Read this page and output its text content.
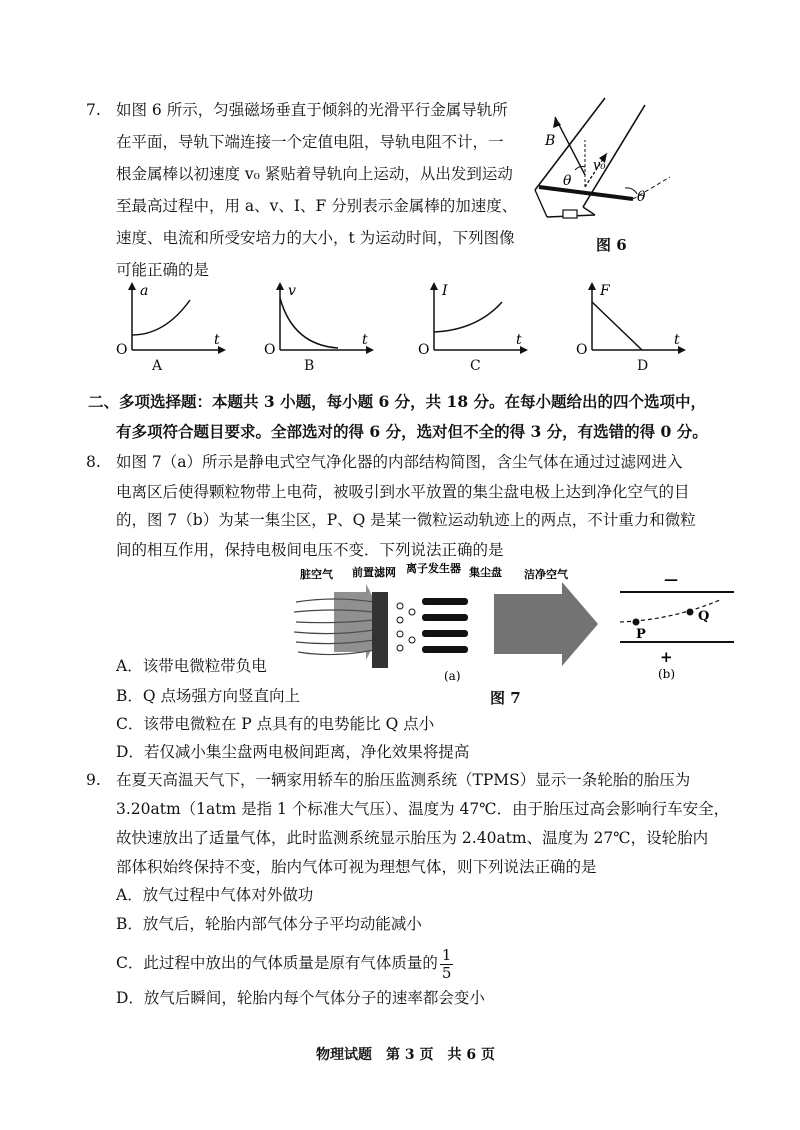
7. 如图 6 所示，匀强磁场垂直于倾斜的光滑平行金属导轨所
在平面，导轨下端连接一个定值电阻，导轨电阻不计，一
根金属棒以初速度 v₀ 紧贴着导轨向上运动，从出发到运动
至最高过程中，用 a、v、I、F 分别表示金属棒的加速度、
速度、电流和所受安培力的大小，t 为运动时间，下列图像
可能正确的是
B
v₀
θ
θ
图 6
a
t
O
A
v
t
O
B
I
t
O
C
F
t
O
D
二、多项选择题：本题共 3 小题，每小题 6 分，共 18 分。在每小题给出的四个选项中，
有多项符合题目要求。全部选对的得 6 分，选对但不全的得 3 分，有选错的得 0 分。
8. 如图 7（a）所示是静电式空气净化器的内部结构简图，含尘气体在通过过滤网进入
电离区后使得颗粒物带上电荷，被吸引到水平放置的集尘盘电极上达到净化空气的目
的，图 7（b）为某一集尘区，P、Q 是某一微粒运动轨迹上的两点，不计重力和微粒
间的相互作用，保持电极间电压不变．下列说法正确的是
脏空气 前置滤网 离子发生器 集尘盘 洁净空气
(a)
—
P
Q
+
(b)
图 7
A．该带电微粒带负电
B．Q 点场强方向竖直向上
C．该带电微粒在 P 点具有的电势能比 Q 点小
D．若仅减小集尘盘两电极间距离，净化效果将提高
9. 在夏天高温天气下，一辆家用轿车的胎压监测系统（TPMS）显示一条轮胎的胎压为
3.20atm（1atm 是指 1 个标准大气压）、温度为 47℃．由于胎压过高会影响行车安全，
故快速放出了适量气体，此时监测系统显示胎压为 2.40atm、温度为 27℃，设轮胎内
部体积始终保持不变，胎内气体可视为理想气体，则下列说法正确的是
A．放气过程中气体对外做功
B．放气后，轮胎内部气体分子平均动能减小
C．此过程中放出的气体质量是原有气体质量的 $\frac{1}{5}$
D．放气后瞬间，轮胎内每个气体分子的速率都会变小
物理试题　第 3 页　共 6 页
